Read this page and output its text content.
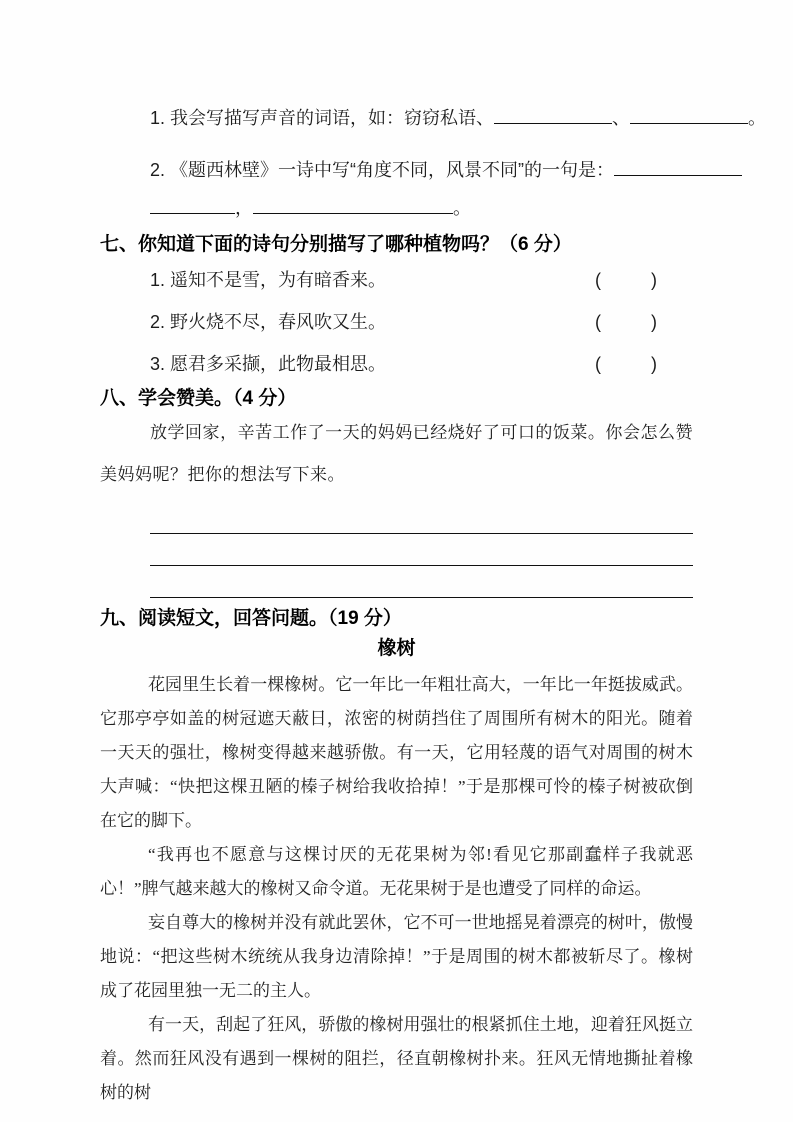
1. 我会写描写声音的词语，如：窃窃私语、	、	。
2. 《题西林壁》一诗中写“角度不同，风景不同”的一句是：
，	。
七、你知道下面的诗句分别描写了哪种植物吗？（6 分）
1. 遥知不是雪，为有暗香来。	(	)
2. 野火烧不尽，春风吹又生。	(	)
3. 愿君多采撷，此物最相思。	(	)
八、学会赞美。（4 分）

放学回家，辛苦工作了一天的妈妈已经烧好了可口的饭菜。你会怎么赞美妈妈呢？把你的想法写下来。

九、阅读短文，回答问题。（19 分）
橡树

花园里生长着一棵橡树。它一年比一年粗壮高大，一年比一年挺拔威武。它那亭亭如盖的树冠遮天蔽日，浓密的树荫挡住了周围所有树木的阳光。随着一天天的强壮，橡树变得越来越骄傲。有一天，它用轻蔑的语气对周围的树木大声喊：“快把这棵丑陋的榛子树给我收拾掉！”于是那棵可怜的榛子树被砍倒在它的脚下。

“我再也不愿意与这棵讨厌的无花果树为邻!看见它那副蠢样子我就恶心！”脾气越来越大的橡树又命令道。无花果树于是也遭受了同样的命运。

妄自尊大的橡树并没有就此罢休，它不可一世地摇晃着漂亮的树叶，傲慢地说：“把这些树木统统从我身边清除掉！”于是周围的树木都被斩尽了。橡树成了花园里独一无二的主人。

有一天，刮起了狂风，骄傲的橡树用强壮的根紧抓住土地，迎着狂风挺立着。然而狂风没有遇到一棵树的阻拦，径直朝橡树扑来。狂风无情地撕扯着橡树的树
